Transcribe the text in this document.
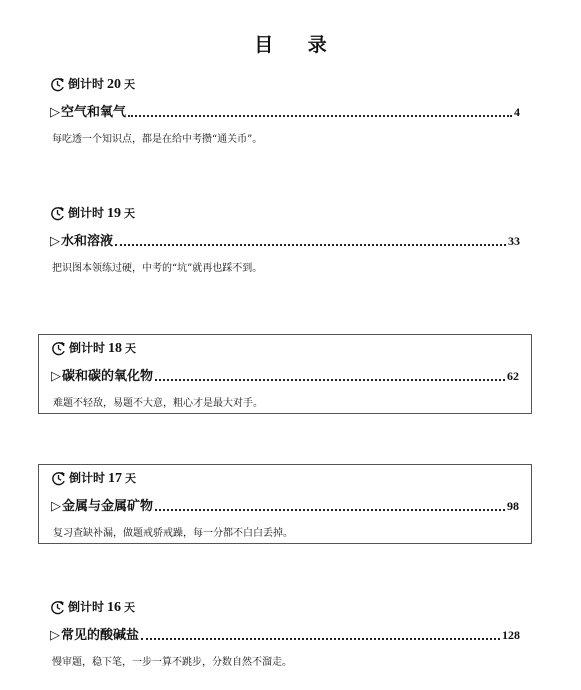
目 录
倒计时 20 天
▷ 空气和氧气	4
每吃透一个知识点，都是在给中考攒“通关币”。
倒计时 19 天
▷ 水和溶液	33
把识图本领练过硬，中考的“坑”就再也踩不到。
倒计时 18 天
▷ 碳和碳的氧化物	62
难题不轻敌，易题不大意，粗心才是最大对手。
倒计时 17 天
▷ 金属与金属矿物	98
复习查缺补漏，做题戒骄戒躁，每一分都不白白丢掉。
倒计时 16 天
▷ 常见的酸碱盐	128
慢审题，稳下笔，一步一算不跳步，分数自然不溜走。
